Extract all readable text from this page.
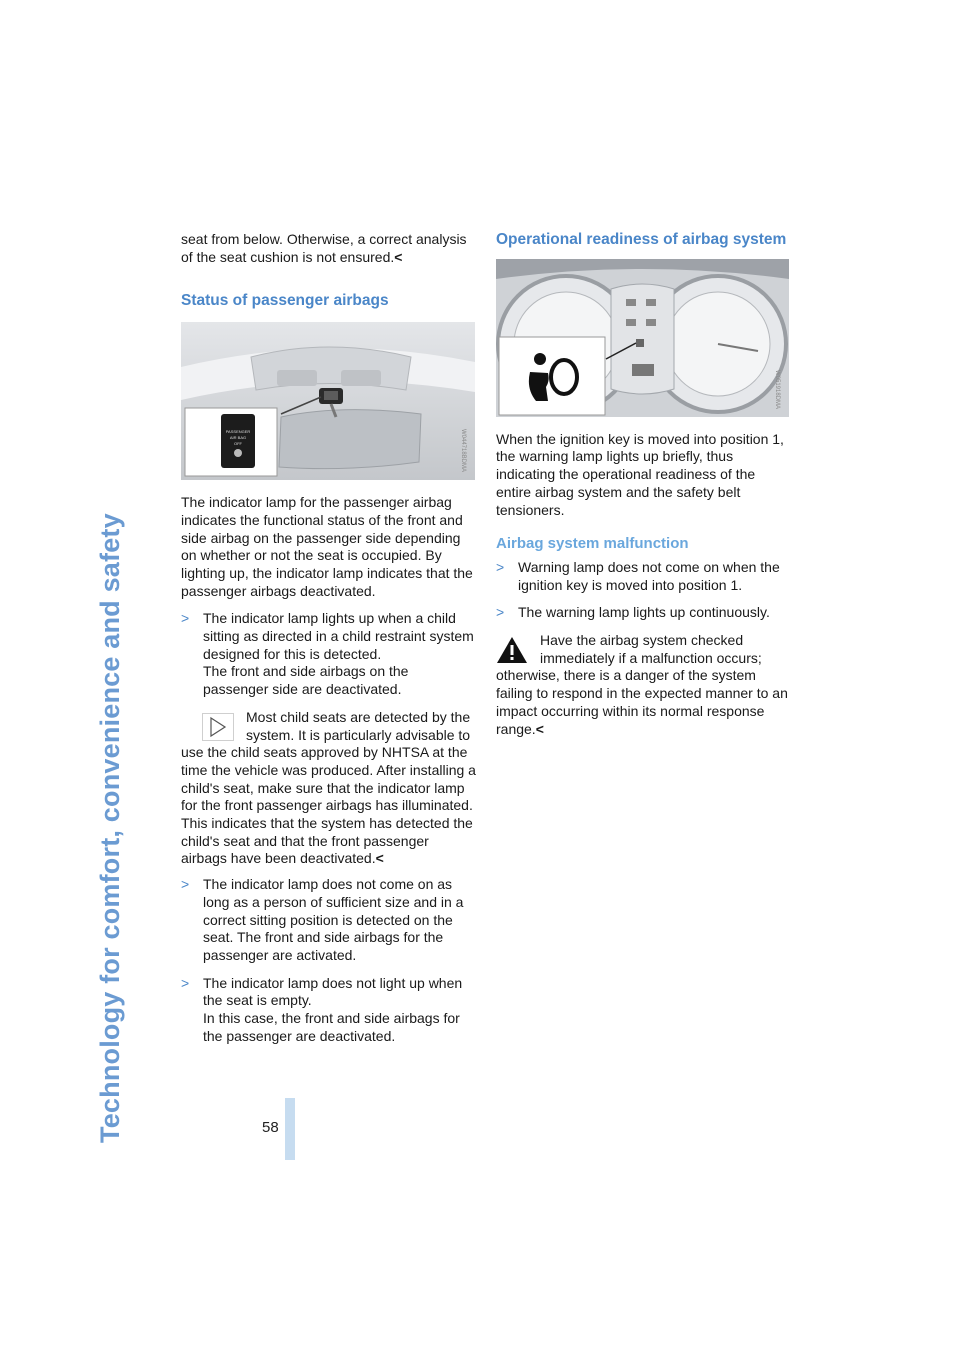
Technology for comfort, convenience and safety	58

seat from below. Otherwise, a correct analysis of the seat cushion is not ensured.<

Status of passenger airbags
PASSENGER
AIR BAG
OFF	W044718BDMA

The indicator lamp for the passenger airbag indicates the functional status of the front and side airbag on the passenger side depending on whether or not the seat is occupied. By lighting up, the indicator lamp indicates that the passenger airbags deactivated.

> The indicator lamp lights up when a child sitting as directed in a child restraint system designed for this is detected.
The front and side airbags on the passenger side are deactivated.
Most child seats are detected by the system. It is particularly advisable to use the child seats approved by NHTSA at the time the vehicle was produced. After installing a child's seat, make sure that the indicator lamp for the front passenger airbags has illuminated. This indicates that the system has detected the child's seat and that the front passenger airbags have been deactivated.<
> The indicator lamp does not come on as long as a person of sufficient size and in a correct sitting position is detected on the seat. The front and side airbags for the passenger are activated.
> The indicator lamp does not light up when the seat is empty.
In this case, the front and side airbags for the passenger are deactivated.
Operational readiness of airbag system
W051918DMA

When the ignition key is moved into position 1, the warning lamp lights up briefly, thus indicating the operational readiness of the entire airbag system and the safety belt tensioners.

Airbag system malfunction
> Warning lamp does not come on when the ignition key is moved into position 1.
> The warning lamp lights up continuously.
Have the airbag system checked immediately if a malfunction occurs; otherwise, there is a danger of the system failing to respond in the expected manner to an impact occurring within its normal response range.<
